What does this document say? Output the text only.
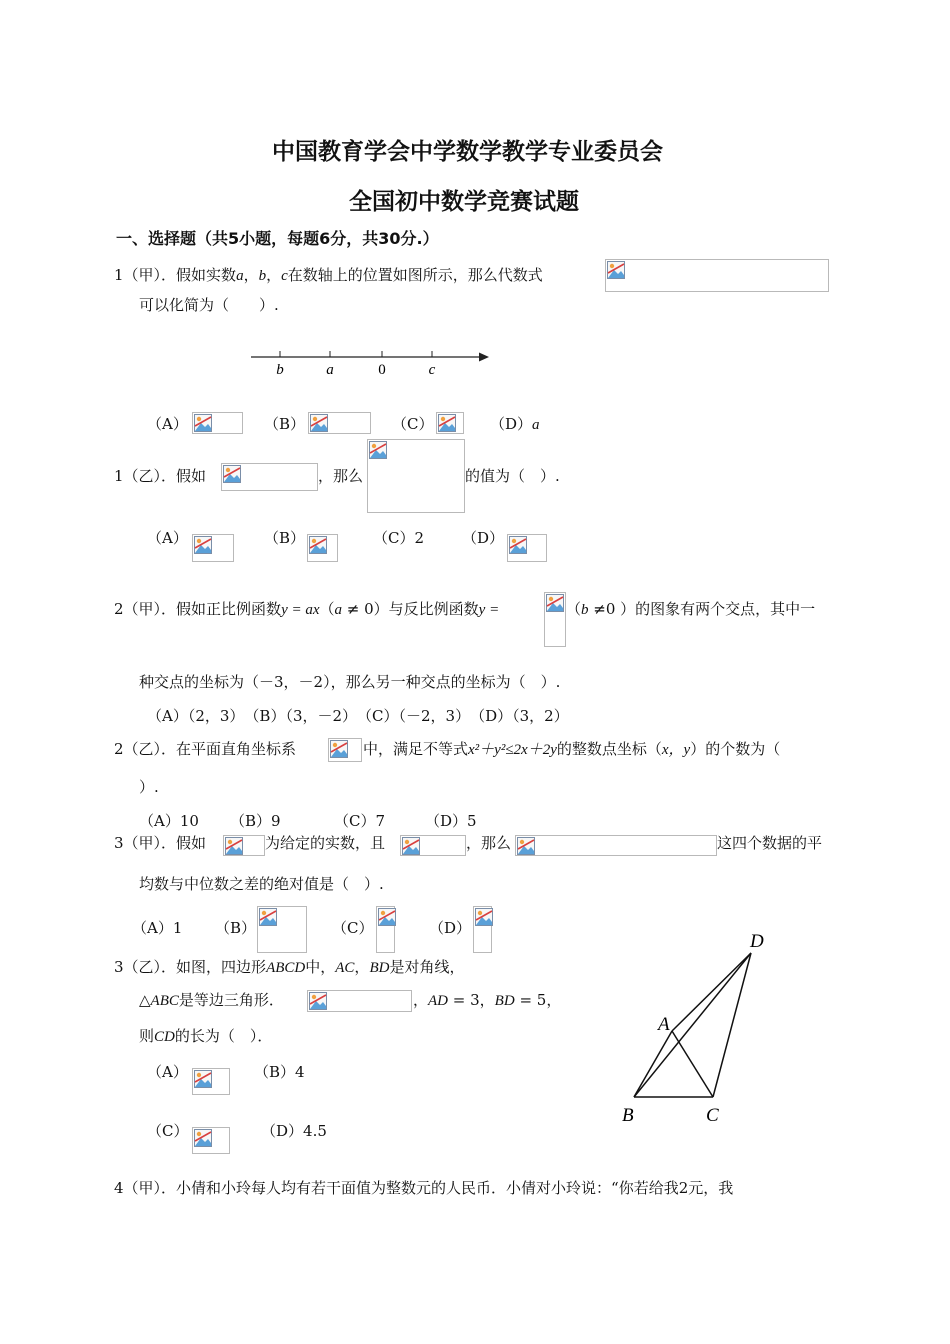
中国教育学会中学数学教学专业委员会
全国初中数学竞赛试题
一、选择题（共5小题，每题6分，共30分.）
1（甲）．假如实数a，b，c在数轴上的位置如图所示，那么代数式
可以化简为（　　）.
b	a	0	c
（A）	（B）	（C）	（D）a
1（乙）．假如	，那么	的值为（　）.
（A）	（B）	（C）2	（D）
2（甲）．假如正比例函数y = ax（a ≠ 0）与反比例函数y =	（b ≠0 ）的图象有两个交点，其中一
种交点的坐标为（－3，－2），那么另一种交点的坐标为（　）.
（A）（2，3）　（B）（3，－2）　（C）（－2，3）　（D）（3，2）
2（乙）．在平面直角坐标系	中，满足不等式x²＋y²≤2x＋2y的整数点坐标（x，y）的个数为（
）.
（A）10 （B）9	（C）7	（D）5
3（甲）．假如	为给定的实数，且	，那么	这四个数据的平
均数与中位数之差的绝对值是（　）.
（A）1 （B）	（C）	（D）
3（乙）．如图，四边形ABCD中，AC，BD是对角线，
△ABC是等边三角形．	，AD = 3，BD = 5，
则CD的长为（　）．
（A）	（B）4
（C）	（D）4.5
D
A
B	C
4（甲）．小倩和小玲每人均有若干面值为整数元的人民币．小倩对小玲说：“你若给我2元，我
